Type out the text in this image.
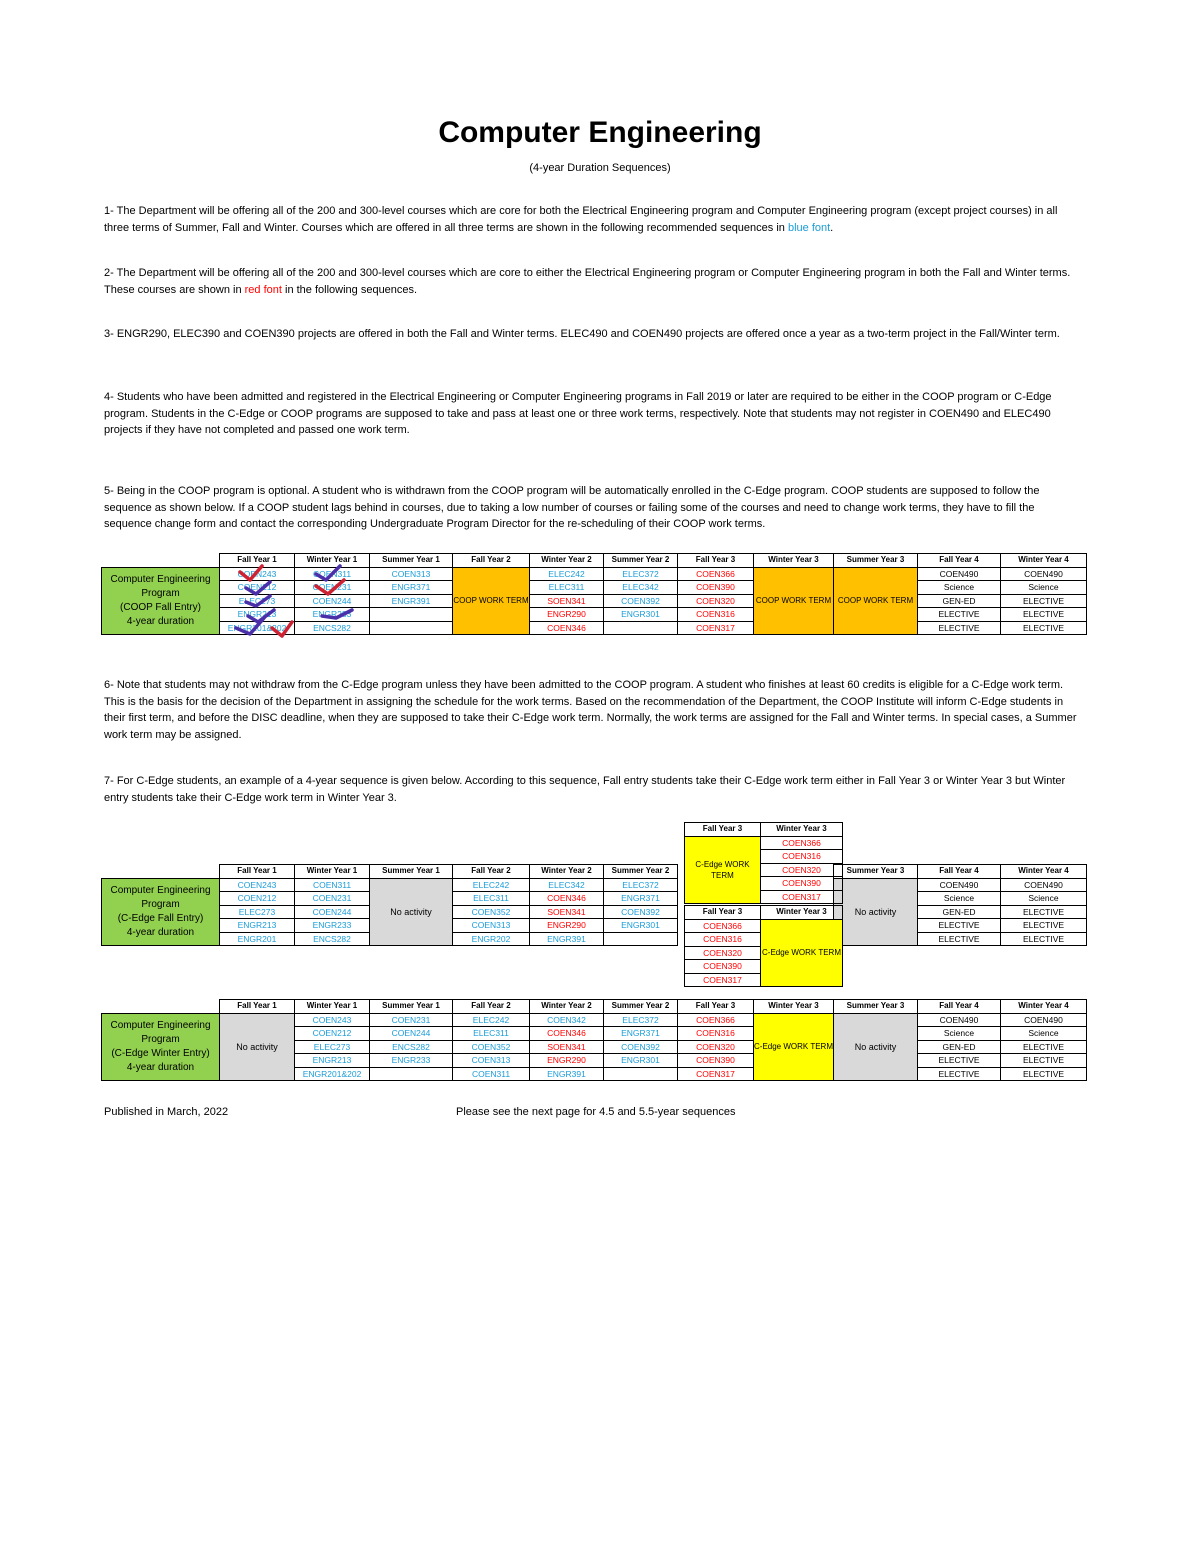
Computer Engineering
(4-year Duration Sequences)
1- The Department will be offering all of the 200 and 300-level courses which are core for both the Electrical Engineering program and Computer Engineering program (except project courses) in all three terms of Summer, Fall and Winter. Courses which are offered in all three terms are shown in the following recommended sequences in blue font.
2- The Department will be offering all of the 200 and 300-level courses which are core to either the Electrical Engineering program or Computer Engineering program in both the Fall and Winter terms. These courses are shown in red font in the following sequences.
3- ENGR290, ELEC390 and COEN390 projects are offered in both the Fall and Winter terms. ELEC490 and COEN490 projects are offered once a year as a two-term project in the Fall/Winter term.
4- Students who have been admitted and registered in the Electrical Engineering or Computer Engineering programs in Fall 2019 or later are required to be either in the COOP program or C-Edge program. Students in the C-Edge or COOP programs are supposed to take and pass at least one or three work terms, respectively. Note that students may not register in COEN490 and ELEC490 projects if they have not completed and passed one work term.
5- Being in the COOP program is optional. A student who is withdrawn from the COOP program will be automatically enrolled in the C-Edge program. COOP students are supposed to follow the sequence as shown below. If a COOP student lags behind in courses, due to taking a low number of courses or failing some of the courses and need to change work terms, they have to fill the sequence change form and contact the corresponding Undergraduate Program Director for the re-scheduling of their COOP work terms.
	Fall Year 1	Winter Year 1	Summer Year 1	Fall Year 2	Winter Year 2	Summer Year 2	Fall Year 3	Winter Year 3	Summer Year 3	Fall Year 4	Winter Year 4
Computer Engineering
Program
(COOP Fall Entry)
4-year duration	COEN243	COEN311	COEN313	COOP WORK TERM	ELEC242	ELEC372	COEN366	COOP WORK TERM	COOP WORK TERM	COEN490	COEN490
	COEN212	COEN231	ENGR371		ELEC311	ELEC342	COEN390			Science	Science
	ELEC273	COEN244	ENGR391		SOEN341	COEN392	COEN320			GEN-ED	ELECTIVE
	ENGR213	ENGR233			ENGR290	ENGR301	COEN316			ELECTIVE	ELECTIVE
	ENGR201&202	ENCS282			COEN346		COEN317			ELECTIVE	ELECTIVE
6- Note that students may not withdraw from the C-Edge program unless they have been admitted to the COOP program. A student who finishes at least 60 credits is eligible for a C-Edge work term. This is the basis for the decision of the Department in assigning the schedule for the work terms. Based on the recommendation of the Department, the COOP Institute will inform C-Edge students in their first term, and before the DISC deadline, when they are supposed to take their C-Edge work term. Normally, the work terms are assigned for the Fall and Winter terms. In special cases, a Summer work term may be assigned.
7- For C-Edge students, an example of a 4-year sequence is given below. According to this sequence, Fall entry students take their C-Edge work term either in Fall Year 3 or Winter Year 3 but Winter entry students take their C-Edge work term in Winter Year 3.
	Fall Year 1	Winter Year 1	Summer Year 1	Fall Year 2	Winter Year 2	Summer Year 2			Summer Year 3	Fall Year 4	Winter Year 4
Computer Engineering
Program
(C-Edge Fall Entry)
4-year duration	COEN243	COEN311	No activity	ELEC242	ELEC342	ELEC372			No activity	COEN490	COEN490
	COEN212	COEN231		ELEC311	COEN346	ENGR371				Science	Science
	ELEC273	COEN244		COEN352	SOEN341	COEN392				GEN-ED	ELECTIVE
	ENGR213	ENGR233		COEN313	ENGR290	ENGR301				ELECTIVE	ELECTIVE
	ENGR201	ENCS282		ENGR202	ENGR391					ELECTIVE	ELECTIVE
Fall Year 3	Winter Year 3
C-Edge WORK TERM	COEN366
	COEN316
	COEN320
	COEN390
	COEN317
Fall Year 3	Winter Year 3
COEN366	C-Edge WORK TERM
COEN316	
COEN320	
COEN390	
COEN317	
	Fall Year 1	Winter Year 1	Summer Year 1	Fall Year 2	Winter Year 2	Summer Year 2	Fall Year 3	Winter Year 3	Summer Year 3	Fall Year 4	Winter Year 4
Computer Engineering
Program
(C-Edge Winter Entry)
4-year duration	No activity	COEN243	COEN231	ELEC242	COEN342	ELEC372	COEN366	C-Edge WORK TERM	No activity	COEN490	COEN490
		COEN212	COEN244	ELEC311	COEN346	ENGR371	COEN316			Science	Science
		ELEC273	ENCS282	COEN352	SOEN341	COEN392	COEN320			GEN-ED	ELECTIVE
		ENGR213	ENGR233	COEN313	ENGR290	ENGR301	COEN390			ELECTIVE	ELECTIVE
		ENGR201&202		COEN311	ENGR391		COEN317			ELECTIVE	ELECTIVE
Published in March, 2022	Please see the next page for 4.5 and 5.5-year sequences
